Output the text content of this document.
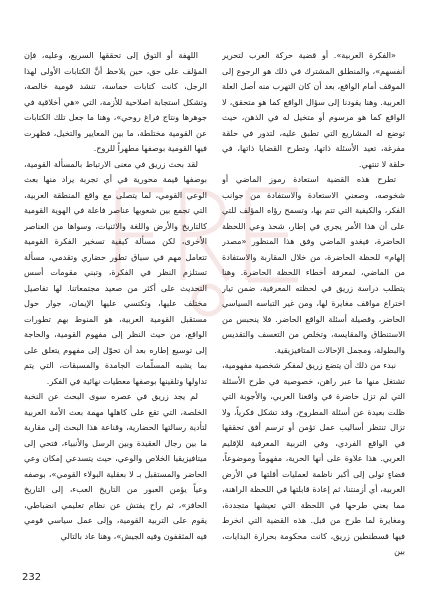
«الفكرة العربية». أو قضية حركة العرب لتحرير أنفسهم»، والمنطلق المشترك في ذلك هو الرجوع إلى الموقف أمام الواقع، بعد أن كان التهرب منه أصل العلة العربية. وهنا يقودنا إلى سؤال الواقع كما هو متحقق، لا الواقع كما هو مرسوم أو متخيل له في الذهن، حيث توضع له المشاريع التي تطبق عليه، لتدور في حلقة مفرغة، تعيد الأسئلة ذاتها، وتطرح القضايا ذاتها، في حلقة لا تنتهي.

تطرح هذه القضية استعادة رموز الماضي أو شخوصه، وصعني الاستعادة والاستفادة من جوانب الفكر، والكيفية التي تتم بها، وتسمح رؤاه المؤلف للتي على أن هذا الأمر يجري في إطار، شحذ وعي اللحظة الحاضرة، فيغدو الماضي وفق هذا المنظور «مصدر إلهام» للحظة الحاضرة، من خلال المقاربة والاستفادة من الماضي، لمعرفة أخطاء اللحظة الحاضرة. وهنا يتطلب دراسة زريق في لحظته المعرفية، ضمن تيار اختراع مواقف مغايرة لها، ومن غير التباسه السياسي الحاضر، وقصيلة أسئلة الواقع الحاضر. فلا ينحبس من الاستنطاق والمقايسة، وتخلص من التعسف والتقديس والبطولة، ومجمل الإحالات المتافيزيقية.

نبدء من ذلك أن يتضع زريق لمفكر شخصية مفهومية، تشتغل منها ما عبر راهن، خصوصية في طرح الأسئلة التي لم تزل حاضرة في واقعنا العربي، والأجوبة التي ظلت بعيدة عن أسئلة المطروح، وقد تشكل فكرياً، ولا تزال تنتظر أساليب عمل تؤمن أو ترسم أفق تحققها في الواقع الفردي، وفي التربية المعرفية للإقليم العربي. هذا علاوة على أنها الحرية، مفهوماً وموضوعاً، فضاءٍ تولى إلى أكبر ناظمة لعمليات أقلتها في الأرض العربية، أي أزمنتنا، ثم إعادة قابلتها في اللحظة الراهنة، مما يعني طرحها في اللحظة التي تعيشها متجددة، ومغايرة لما طرح من قبل. هذه القضية التي انخرط فيها قسطنطين زريق، كانت محكومة بحرارة البدايات، بين

اللهفة أو التوق إلى تحققها السريع، وعليه، فإن المؤلف على حق، حين يلاحظ أنَّ الكتابات الأولى لهذا الرجل، كانت كتابات حماسة، تنشد قومية خالصة، وتشكل استجابة اصلاحية للأزمة، التي «هي أخلاقية في جوهرها ونتاج فراغ روحي»، وهنا ما جعل تلك الكتابات عن القومية مختلطة، ما بين المعايير والتخيل، فظهرت فيها القومية بوصفها مطهراً للروح.

لقد بحث زريق في معنى الارتباط بالمسألة القومية، بوصفها قيمة محورية في أي تجربة يراد منها بعث الوعي القومي، لما يتصلى مع واقع المنطقة العربية، التي تجمع بين شعوبها عناصر فاعلة في الهوية القومية كالتاريخ والأرض واللغة والاثنيات، وسواها من العناصر الأخرى، لكن مسألة كيفية تسخير الفكرة القومية تتعامل مهم في سياق تطور حضاري وتقدمي، مسألة تستلزم النظر في الفكرة، وتبني مقومات أسس التحديث على أكثر من صعيد مجتمعاتنا. لها تفاصيل مختلف عليها، وتكتسي عليها الإيمان، جوار حول مستقبل القومية العربية، هو المنوط بهم تطورات الواقع، من حيث النظر إلى مفهوم القومية، والحاجة إلى توسيع إطاره بعد أن تحوّل إلى مفهوم يتعلق على بما يشبه المسلّمات الجامدة والمسبقات، التي يتم تداولها وتلقينها بوصفها معطيات نهائية في الفكر.

لم يجد زريق في عصره سوى البحث عن النخبة الخلصة، التي تقع على كاهلها مهمة بعث الأمة العربية لتأدية رسالتها الحضارية، وقناعة هذا البحث إلى مقاربة ما بين رجال العقيدة وبين الرسل والأنبياء، فتحي إلى ميتافيزيقيا الخلاص والوعي، حيث يتسدعي إمكان وعي الحاضر والمستقبل بـ لا بعقلية البولاء القومي»، بوصفه وعياً يؤمن العبور من التاريخ العبء، إلى التاريخ الحافز»، ثم راح يفتش عن نظام تعليمي انضباطي، يقوم على التربية القومية، وإلى عمل سياسي قومي فيه المثقفون وفيه الجيش»، وهنا عاد بالتالي

232
